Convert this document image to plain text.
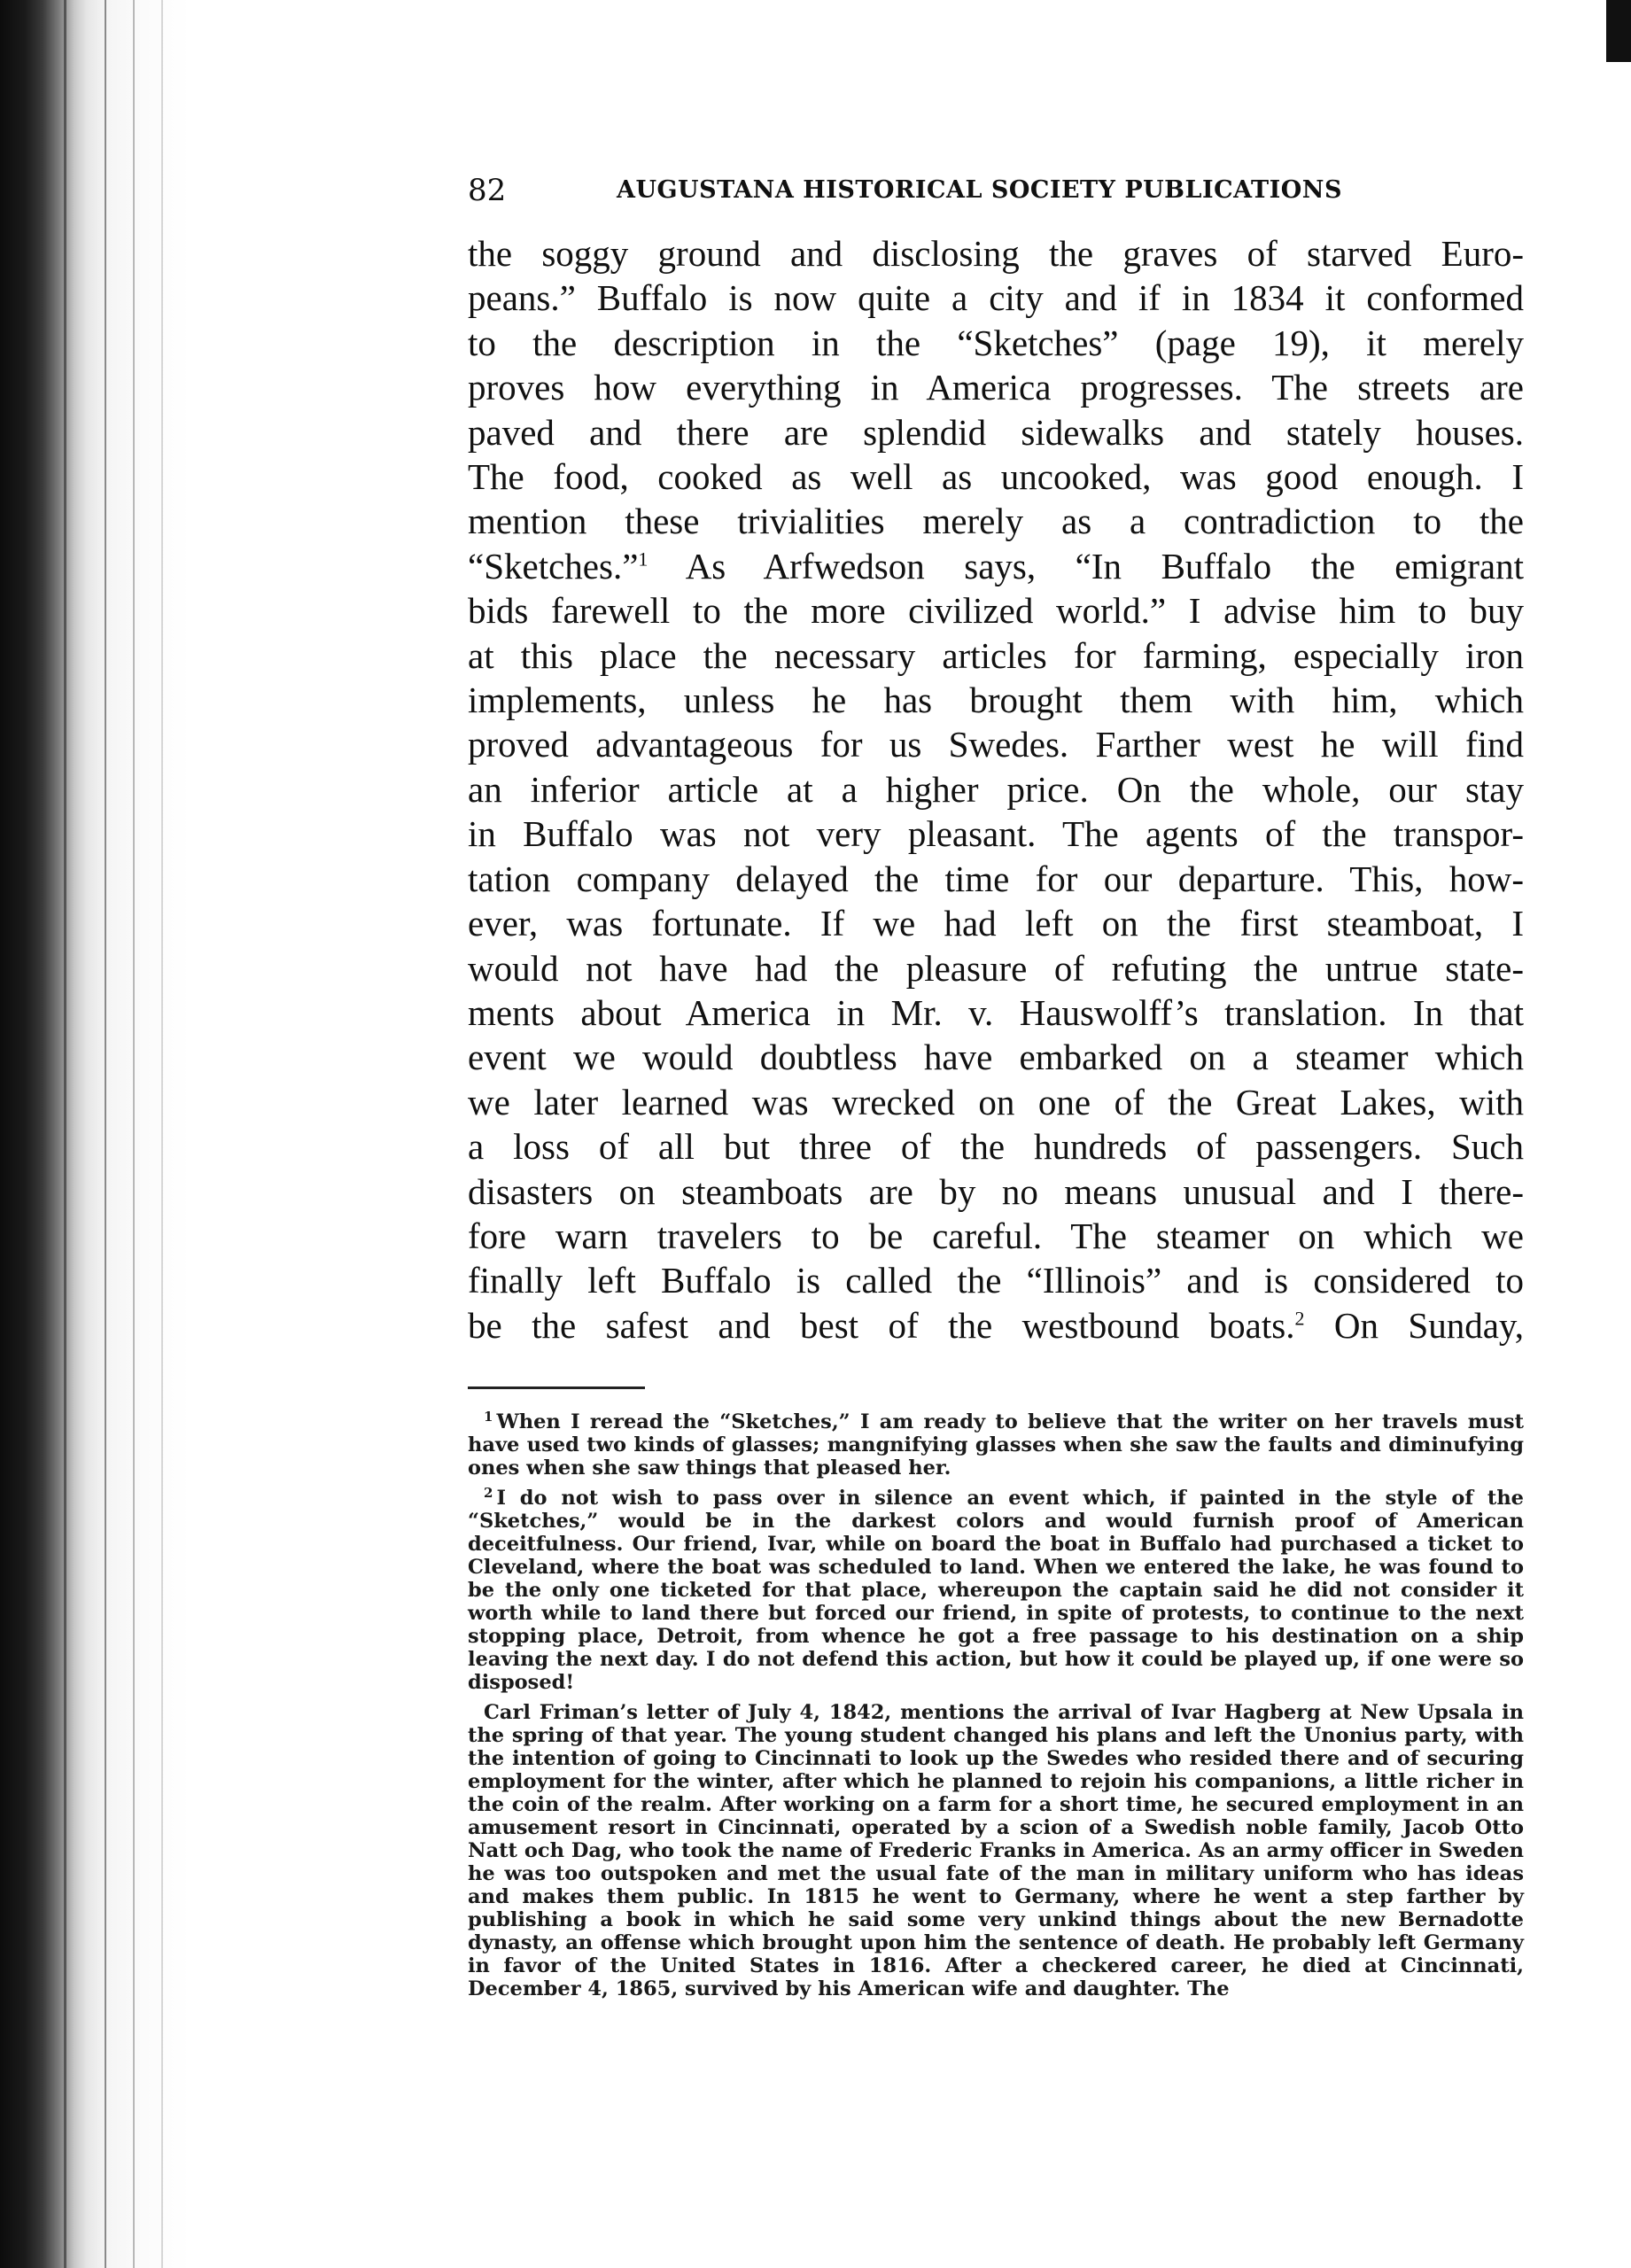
82	AUGUSTANA HISTORICAL SOCIETY PUBLICATIONS
the soggy ground and disclosing the graves of starved Euro-
peans.” Buffalo is now quite a city and if in 1834 it conformed
to the description in the “Sketches” (page 19), it merely
proves how everything in America progresses. The streets are
paved and there are splendid sidewalks and stately houses.
The food, cooked as well as uncooked, was good enough. I
mention these trivialities merely as a contradiction to the
“Sketches.”$^1$ As Arfwedson says, “In Buffalo the emigrant
bids farewell to the more civilized world.” I advise him to buy
at this place the necessary articles for farming, especially iron
implements, unless he has brought them with him, which
proved advantageous for us Swedes. Farther west he will find
an inferior article at a higher price. On the whole, our stay
in Buffalo was not very pleasant. The agents of the transpor-
tation company delayed the time for our departure. This, how-
ever, was fortunate. If we had left on the first steamboat, I
would not have had the pleasure of refuting the untrue state-
ments about America in Mr. v. Hauswolff’s translation. In that
event we would doubtless have embarked on a steamer which
we later learned was wrecked on one of the Great Lakes, with
a loss of all but three of the hundreds of passengers. Such
disasters on steamboats are by no means unusual and I there-
fore warn travelers to be careful. The steamer on which we
finally left Buffalo is called the “Illinois” and is considered to
be the safest and best of the westbound boats.$^2$ On Sunday,

$^1$ When I reread the “Sketches,” I am ready to believe that the writer on her travels must have used two kinds of glasses; mangnifying glasses when she saw the faults and diminufying ones when she saw things that pleased her.

$^2$ I do not wish to pass over in silence an event which, if painted in the style of the “Sketches,” would be in the darkest colors and would furnish proof of American deceitfulness. Our friend, Ivar, while on board the boat in Buffalo had purchased a ticket to Cleveland, where the boat was scheduled to land. When we entered the lake, he was found to be the only one ticketed for that place, whereupon the captain said he did not consider it worth while to land there but forced our friend, in spite of protests, to continue to the next stopping place, Detroit, from whence he got a free passage to his destination on a ship leaving the next day. I do not defend this action, but how it could be played up, if one were so disposed!

Carl Friman’s letter of July 4, 1842, mentions the arrival of Ivar Hagberg at New Upsala in the spring of that year. The young student changed his plans and left the Unonius party, with the intention of going to Cincinnati to look up the Swedes who resided there and of securing employment for the winter, after which he planned to rejoin his companions, a little richer in the coin of the realm. After working on a farm for a short time, he secured employment in an amusement resort in Cincinnati, operated by a scion of a Swedish noble family, Jacob Otto Natt och Dag, who took the name of Frederic Franks in America. As an army officer in Sweden he was too outspoken and met the usual fate of the man in military uniform who has ideas and makes them public. In 1815 he went to Germany, where he went a step farther by publishing a book in which he said some very unkind things about the new Bernadotte dynasty, an offense which brought upon him the sentence of death. He probably left Germany in favor of the United States in 1816. After a checkered career, he died at Cincinnati, December 4, 1865, survived by his American wife and daughter. The
